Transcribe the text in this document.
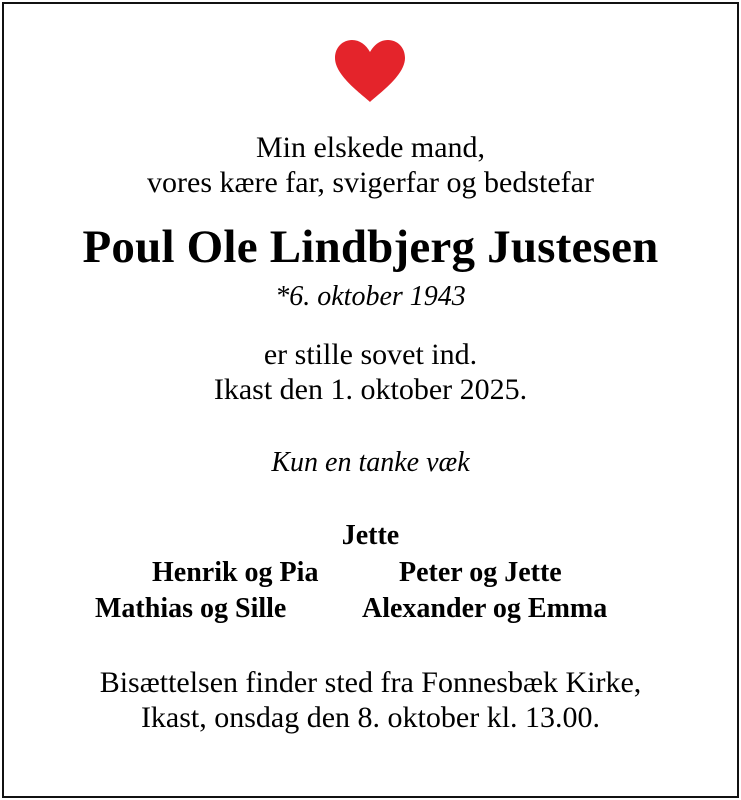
Min elskede mand,
vores kære far, svigerfar og bedstefar
Poul Ole Lindbjerg Justesen
*6. oktober 1943
er stille sovet ind.
Ikast den 1. oktober 2025.
Kun en tanke væk
Jette
Henrik og Pia	Peter og Jette
Mathias og Sille	Alexander og Emma
Bisættelsen finder sted fra Fonnesbæk Kirke,
Ikast, onsdag den 8. oktober kl. 13.00.
